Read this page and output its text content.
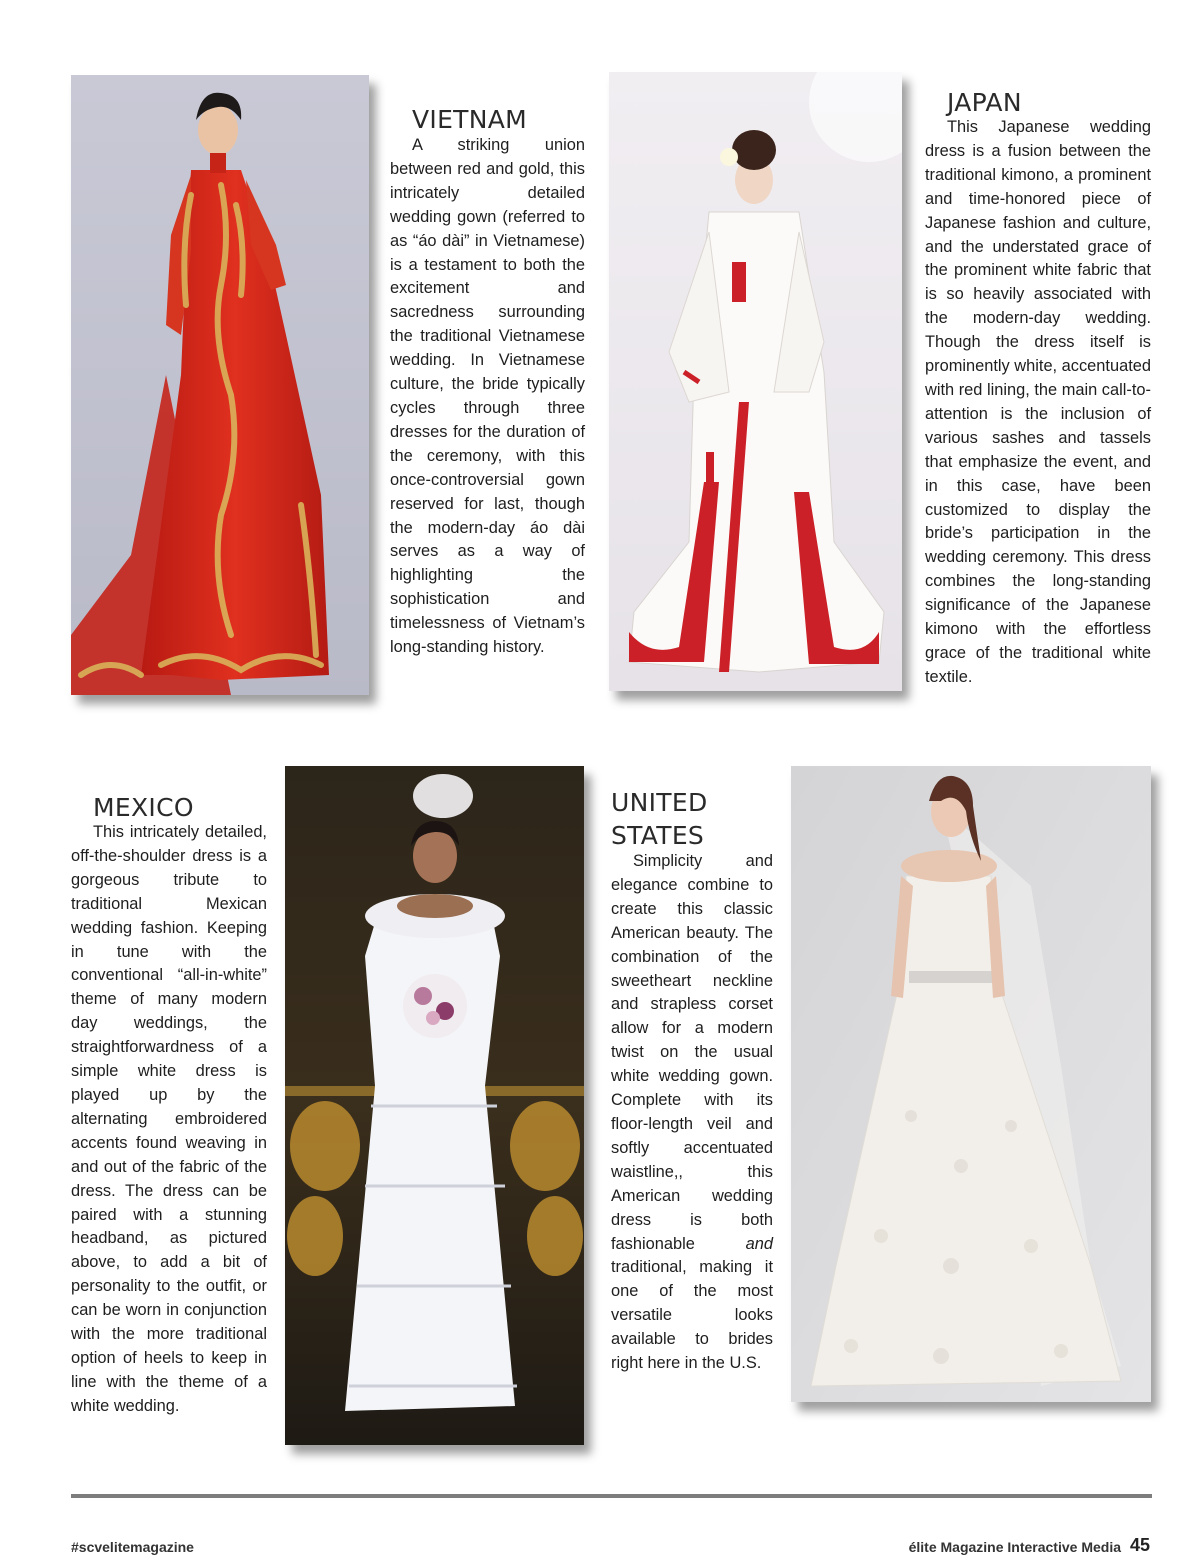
VIETNAM

A striking union between red and gold, this intricately detailed wedding gown (referred to as “áo dài” in Vietnamese) is a testament to both the excitement and sacredness surrounding the traditional Vietnamese wedding. In Vietnamese culture, the bride typically cycles through three dresses for the duration of the ceremony, with this once-controversial gown reserved for last, though the modern-day áo dài serves as a way of highlighting the sophistication and timelessness of Vietnam’s long-standing history.

JAPAN

This Japanese wedding dress is a fusion between the traditional kimono, a prominent and time-honored piece of Japanese fashion and culture, and the understated grace of the prominent white fabric that is so heavily associated with the modern-day wedding. Though the dress itself is prominently white, accentuated with red lining, the main call-to-attention is the inclusion of various sashes and tassels that emphasize the event, and in this case, have been customized to display the bride’s participation in the wedding ceremony. This dress combines the long-standing significance of the Japanese kimono with the effortless grace of the traditional white textile.

MEXICO

This intricately detailed, off-the-shoulder dress is a gorgeous tribute to traditional Mexican wedding fashion. Keeping in tune with the conventional “all-in-white” theme of many modern day weddings, the straightforwardness of a simple white dress is played up by the alternating embroidered accents found weaving in and out of the fabric of the dress. The dress can be paired with a stunning headband, as pictured above, to add a bit of personality to the outfit, or can be worn in conjunction with the more traditional option of heels to keep in line with the theme of a white wedding.

UNITED
STATES

Simplicity and elegance combine to create this classic American beauty. The combination of the sweetheart neckline and strapless corset allow for a modern twist on the usual white wedding gown. Complete with its floor-length veil and softly accentuated waistline,, this American wedding dress is both fashionable and traditional, making it one of the most versatile looks available to brides right here in the U.S.

#scvelitemagazine	élite Magazine Interactive Media 45
